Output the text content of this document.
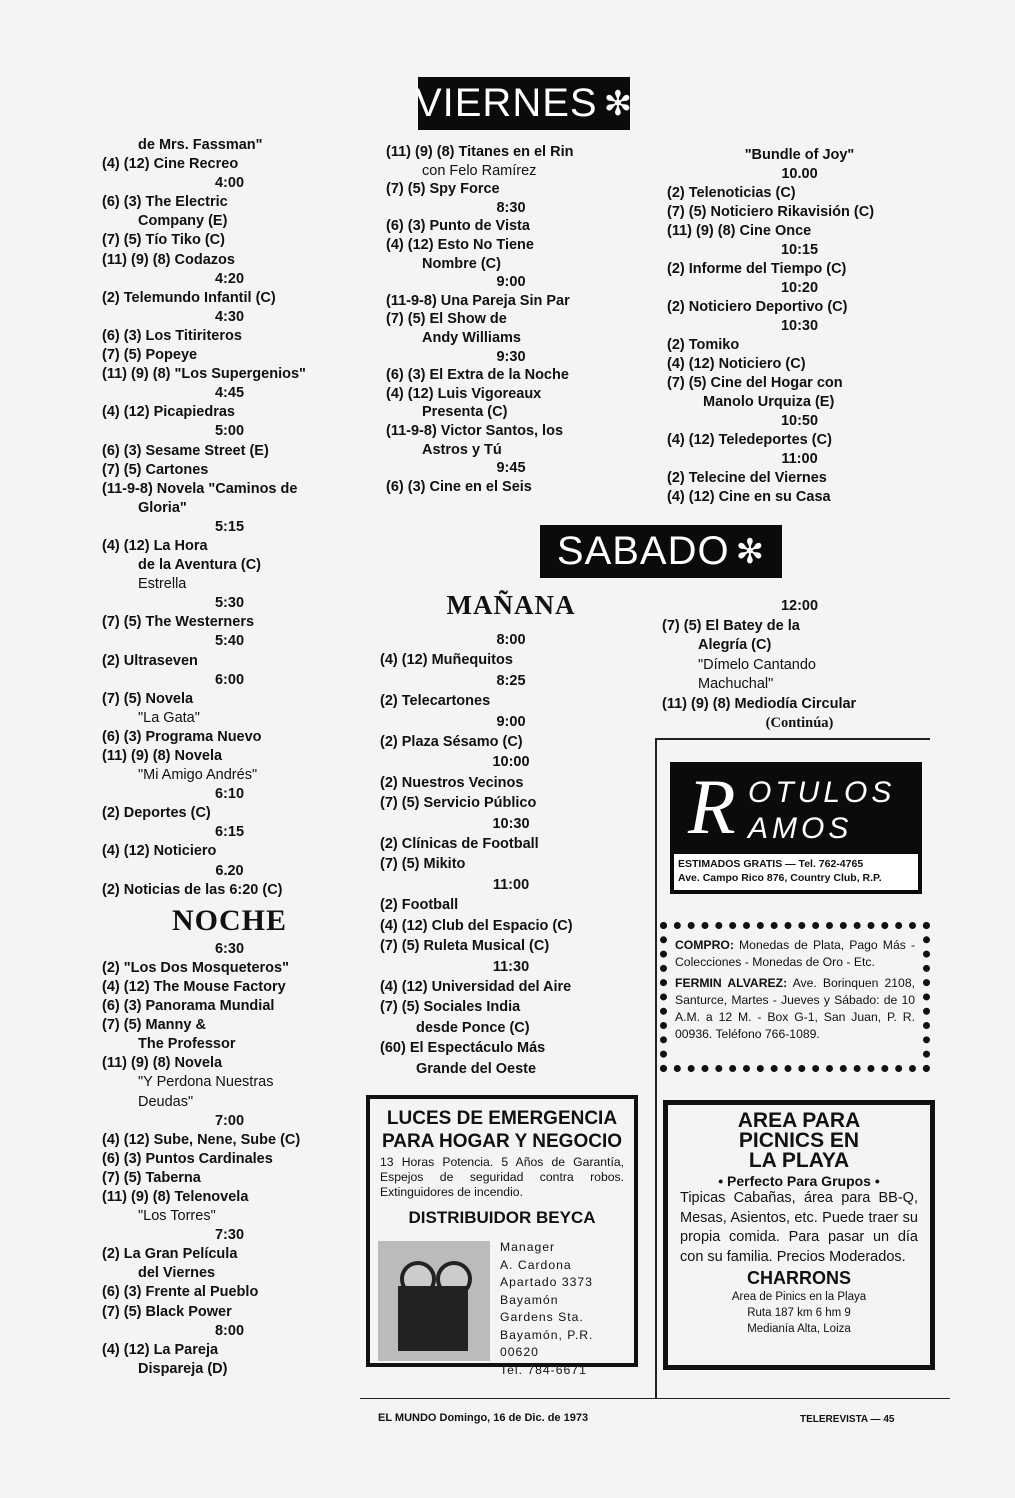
VIERNES ✻
de Mrs. Fassman"
(4) (12) Cine Recreo
4:00
(6) (3) The Electric
Company (E)
(7) (5) Tío Tiko (C)
(11) (9) (8) Codazos
4:20
(2) Telemundo Infantil (C)
4:30
(6) (3) Los Titiriteros
(7) (5) Popeye
(11) (9) (8) "Los Supergenios"
4:45
(4) (12) Picapiedras
5:00
(6) (3) Sesame Street (E)
(7) (5) Cartones
(11-9-8) Novela "Caminos de
Gloria"
5:15
(4) (12) La Hora
de la Aventura (C)
Estrella
5:30
(7) (5) The Westerners
5:40
(2) Ultraseven
6:00
(7) (5) Novela
"La Gata"
(6) (3) Programa Nuevo
(11) (9) (8) Novela
"Mi Amigo Andrés"
6:10
(2) Deportes (C)
6:15
(4) (12) Noticiero
6.20
(2) Noticias de las 6:20 (C)
NOCHE
6:30
(2) "Los Dos Mosqueteros"
(4) (12) The Mouse Factory
(6) (3) Panorama Mundial
(7) (5) Manny &
The Professor
(11) (9) (8) Novela
"Y Perdona Nuestras
Deudas"
7:00
(4) (12) Sube, Nene, Sube (C)
(6) (3) Puntos Cardinales
(7) (5) Taberna
(11) (9) (8) Telenovela
"Los Torres"
7:30
(2) La Gran Película
del Viernes
(6) (3) Frente al Pueblo
(7) (5) Black Power
8:00
(4) (12) La Pareja
Dispareja (D)
(11) (9) (8) Titanes en el Rin
con Felo Ramírez
(7) (5) Spy Force
8:30
(6) (3) Punto de Vista
(4) (12) Esto No Tiene
Nombre (C)
9:00
(11-9-8) Una Pareja Sin Par
(7) (5) El Show de
Andy Williams
9:30
(6) (3) El Extra de la Noche
(4) (12) Luis Vigoreaux
Presenta (C)
(11-9-8) Victor Santos, los
Astros y Tú
9:45
(6) (3) Cine en el Seis
"Bundle of Joy"
10.00
(2) Telenoticias (C)
(7) (5) Noticiero Rikavisión (C)
(11) (9) (8) Cine Once
10:15
(2) Informe del Tiempo (C)
10:20
(2) Noticiero Deportivo (C)
10:30
(2) Tomiko
(4) (12) Noticiero (C)
(7) (5) Cine del Hogar con
Manolo Urquiza (E)
10:50
(4) (12) Teledeportes (C)
11:00
(2) Telecine del Viernes
(4) (12) Cine en su Casa
SABADO ✻
MAÑANA
8:00
(4) (12) Muñequitos
8:25
(2) Telecartones
9:00
(2) Plaza Sésamo (C)
10:00
(2) Nuestros Vecinos
(7) (5) Servicio Público
10:30
(2) Clínicas de Football
(7) (5) Mikito
11:00
(2) Football
(4) (12) Club del Espacio (C)
(7) (5) Ruleta Musical (C)
11:30
(4) (12) Universidad del Aire
(7) (5) Sociales India
desde Ponce (C)
(60) El Espectáculo Más
Grande del Oeste
12:00
(7) (5) El Batey de la
Alegría (C)
"Dímelo Cantando
Machuchal"
(11) (9) (8) Mediodía Circular
(Continúa)
R OTULOS
AMOS
ESTIMADOS GRATIS — Tel. 762-4765
Ave. Campo Rico 876, Country Club, R.P.
COMPRO: Monedas de Plata, Pago Más - Colecciones - Monedas de Oro - Etc.
FERMIN ALVAREZ: Ave. Borinquen 2108, Santurce, Martes - Jueves y Sábado: de 10 A.M. a 12 M. - Box G-1, San Juan, P. R. 00936. Teléfono 766-1089.
LUCES DE EMERGENCIA
PARA HOGAR Y NEGOCIO
13 Horas Potencia. 5 Años de Garantía, Espejos de seguridad contra robos. Extinguidores de incendio.
DISTRIBUIDOR BEYCA
Manager
A. Cardona
Apartado 3373
Bayamón
Gardens Sta.
Bayamón, P.R.
00620
Tel. 784-6671
AREA PARA
PICNICS EN
LA PLAYA
• Perfecto Para Grupos •
Tipicas Cabañas, área para BB-Q, Mesas, Asientos, etc. Puede traer su propia comida. Para pasar un día con su familia. Precios Moderados.
CHARRONS
Area de Pinics en la Playa
Ruta 187 km 6 hm 9
Medianía Alta, Loiza
EL MUNDO Domingo, 16 de Dic. de 1973	TELEREVISTA — 45
